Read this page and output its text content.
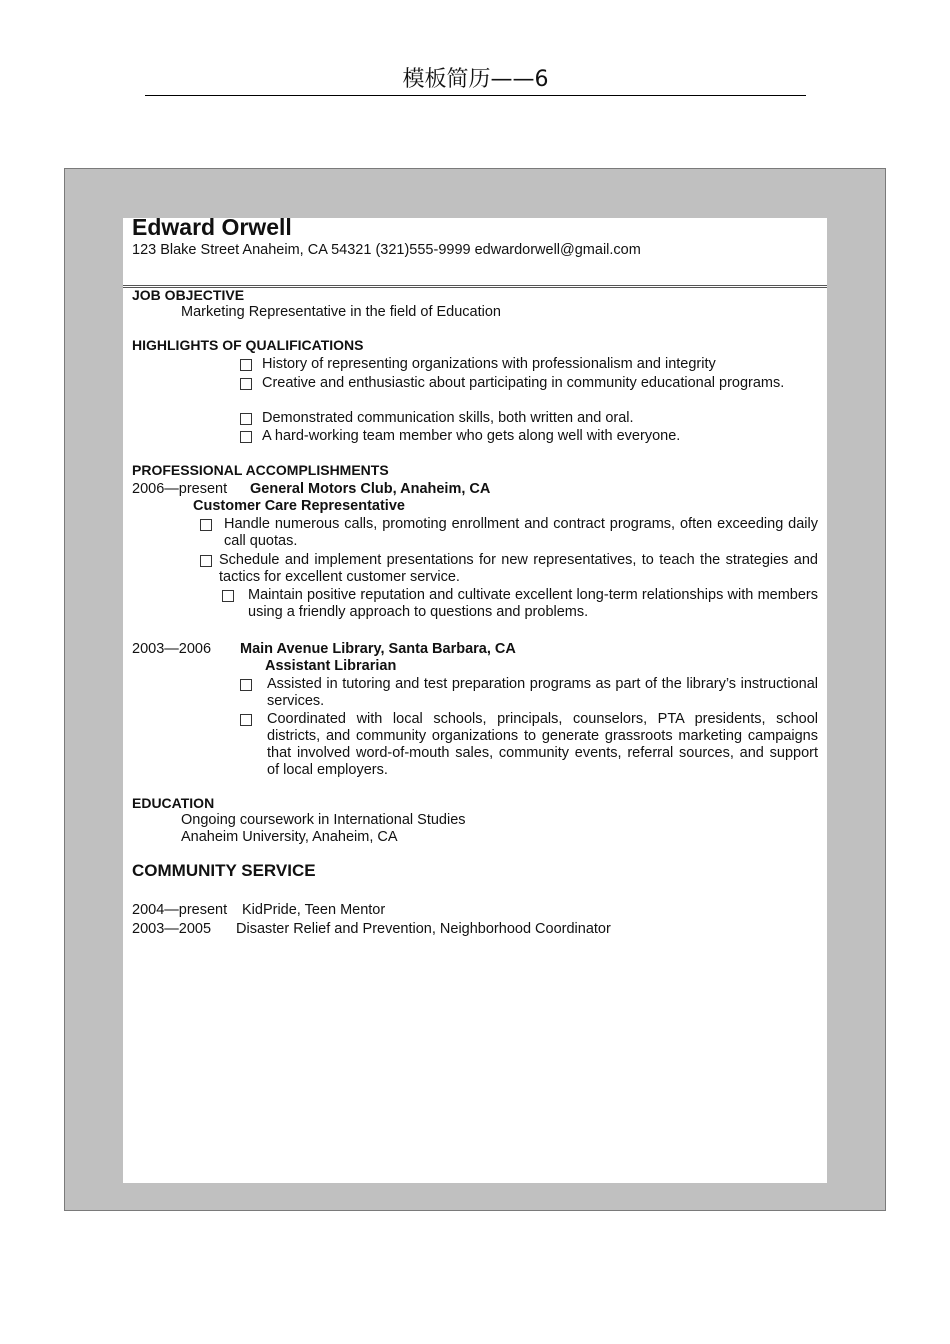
模板简历——6
Edward Orwell
123 Blake Street Anaheim, CA 54321 (321)555-9999 edwardorwell@gmail.com
JOB OBJECTIVE
Marketing Representative in the field of Education
HIGHLIGHTS OF QUALIFICATIONS
History of representing organizations with professionalism and integrity
Creative and enthusiastic about participating in community educational programs.
Demonstrated communication skills, both written and oral.
A hard-working team member who gets along well with everyone.
PROFESSIONAL ACCOMPLISHMENTS
2006—present General Motors Club, Anaheim, CA
Customer Care Representative
Handle numerous calls, promoting enrollment and contract programs, often exceeding daily call quotas.
Schedule and implement presentations for new representatives, to teach the strategies and tactics for excellent customer service.
Maintain positive reputation and cultivate excellent long-term relationships with members using a friendly approach to questions and problems.
2003—2006 Main Avenue Library, Santa Barbara, CA
Assistant Librarian
Assisted in tutoring and test preparation programs as part of the library’s instructional services.
Coordinated with local schools, principals, counselors, PTA presidents, school districts, and community organizations to generate grassroots marketing campaigns that involved word-of-mouth sales, community events, referral sources, and support of local employers.
EDUCATION
Ongoing coursework in International Studies
Anaheim University, Anaheim, CA
COMMUNITY SERVICE
2004—present KidPride, Teen Mentor
2003—2005 Disaster Relief and Prevention, Neighborhood Coordinator
